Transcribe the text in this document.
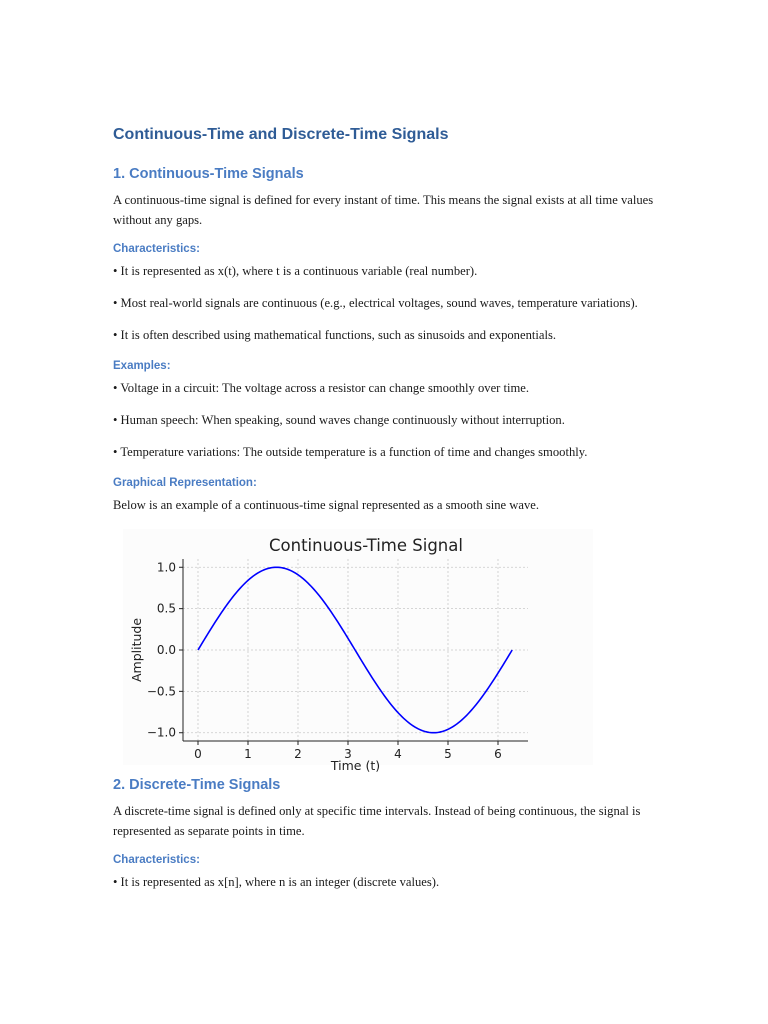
Continuous-Time and Discrete-Time Signals
1. Continuous-Time Signals

A continuous-time signal is defined for every instant of time. This means the signal exists at all time values without any gaps.

Characteristics:

• It is represented as x(t), where t is a continuous variable (real number).

• Most real-world signals are continuous (e.g., electrical voltages, sound waves, temperature variations).

• It is often described using mathematical functions, such as sinusoids and exponentials.

Examples:

• Voltage in a circuit: The voltage across a resistor can change smoothly over time.

• Human speech: When speaking, sound waves change continuously without interruption.

• Temperature variations: The outside temperature is a function of time and changes smoothly.

Graphical Representation:

Below is an example of a continuous-time signal represented as a smooth sine wave.

Continuous-Time Signal
0	1	2	3	4	5	6
1.0
0.5
0.0
−0.5
−1.0
Amplitude
Time (t)
2. Discrete-Time Signals

A discrete-time signal is defined only at specific time intervals. Instead of being continuous, the signal is represented as separate points in time.

Characteristics:

• It is represented as x[n], where n is an integer (discrete values).
